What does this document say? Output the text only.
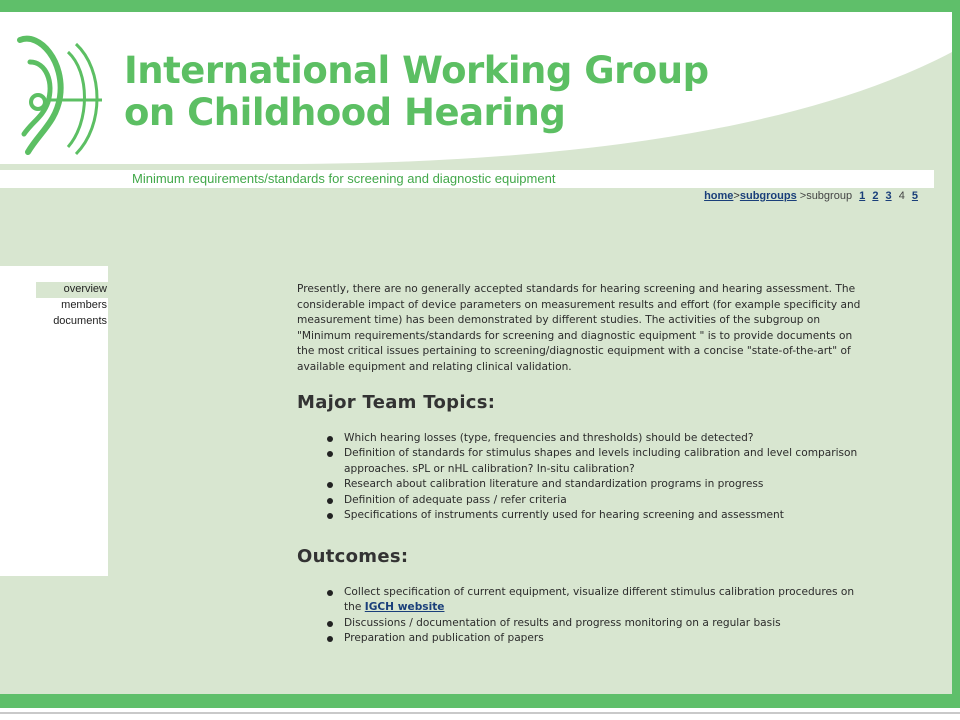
International Working Group
on Childhood Hearing
Minimum requirements/standards for screening and diagnostic equipment
home>subgroups >subgroup 1 2 3 4 5
overview
members
documents

Presently, there are no generally accepted standards for hearing screening and hearing assessment. The considerable impact of device parameters on measurement results and effort (for example specificity and measurement time) has been demonstrated by different studies. The activities of the subgroup on "Minimum requirements/standards for screening and diagnostic equipment " is to provide documents on the most critical issues pertaining to screening/diagnostic equipment with a concise "state-of-the-art" of available equipment and relating clinical validation.

Major Team Topics:
Which hearing losses (type, frequencies and thresholds) should be detected?
Definition of standards for stimulus shapes and levels including calibration and level comparison approaches. sPL or nHL calibration? In-situ calibration?
Research about calibration literature and standardization programs in progress
Definition of adequate pass / refer criteria
Specifications of instruments currently used for hearing screening and assessment
Outcomes:
Collect specification of current equipment, visualize different stimulus calibration procedures on the IGCH website
Discussions / documentation of results and progress monitoring on a regular basis
Preparation and publication of papers
